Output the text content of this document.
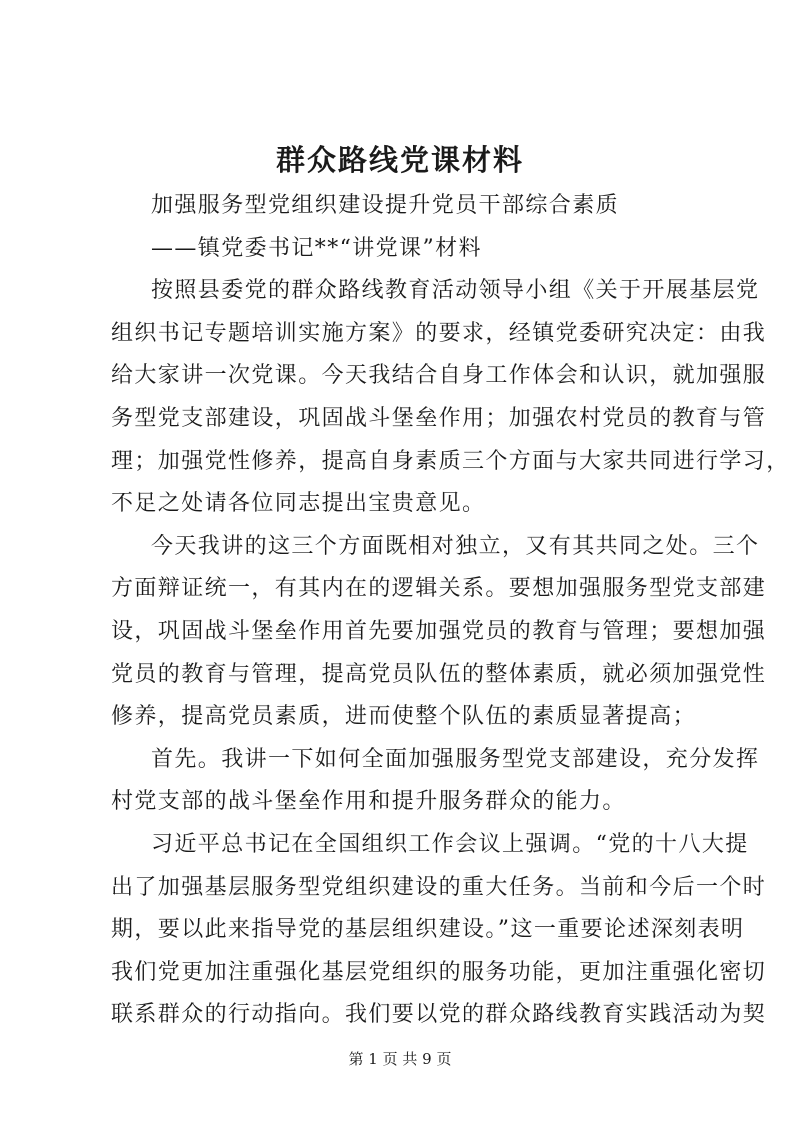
群众路线党课材料
加强服务型党组织建设提升党员干部综合素质
——镇党委书记**“讲党课”材料
按照县委党的群众路线教育活动领导小组《关于开展基层党
组织书记专题培训实施方案》的要求，经镇党委研究决定：由我
给大家讲一次党课。今天我结合自身工作体会和认识，就加强服
务型党支部建设，巩固战斗堡垒作用；加强农村党员的教育与管
理；加强党性修养，提高自身素质三个方面与大家共同进行学习，
不足之处请各位同志提出宝贵意见。
今天我讲的这三个方面既相对独立，又有其共同之处。三个
方面辩证统一，有其内在的逻辑关系。要想加强服务型党支部建
设，巩固战斗堡垒作用首先要加强党员的教育与管理；要想加强
党员的教育与管理，提高党员队伍的整体素质，就必须加强党性
修养，提高党员素质，进而使整个队伍的素质显著提高；
首先。我讲一下如何全面加强服务型党支部建设，充分发挥
村党支部的战斗堡垒作用和提升服务群众的能力。
习近平总书记在全国组织工作会议上强调。“党的十八大提
出了加强基层服务型党组织建设的重大任务。当前和今后一个时
期，要以此来指导党的基层组织建设。”这一重要论述深刻表明
我们党更加注重强化基层党组织的服务功能，更加注重强化密切
联系群众的行动指向。我们要以党的群众路线教育实践活动为契
第 1 页 共 9 页
